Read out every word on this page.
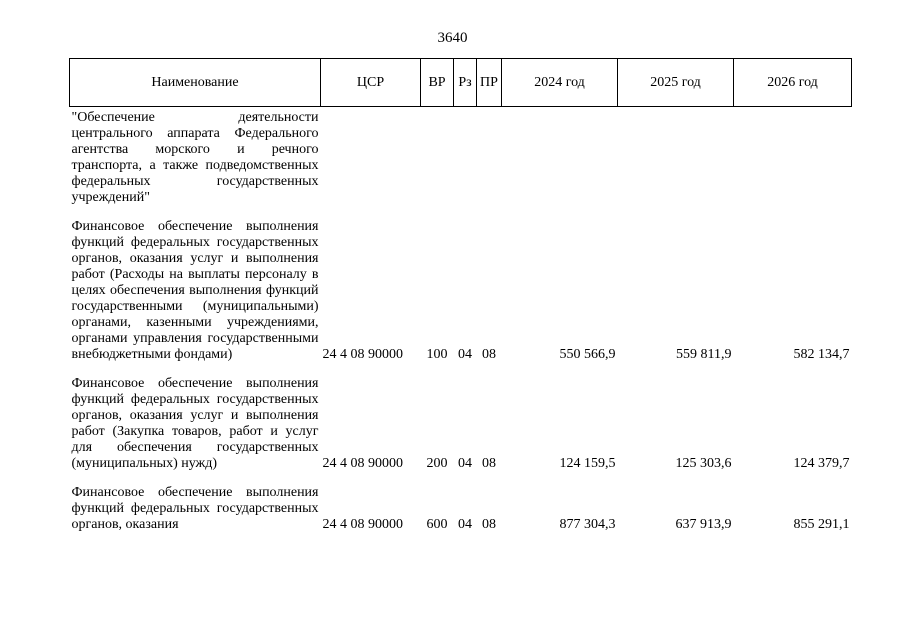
3640
Наименование	ЦСР	ВР	Рз	ПР	2024 год	2025 год	2026 год
"Обеспечение деятельности центрального аппарата Федерального агентства морского и речного транспорта, а также подведомственных федеральных государственных учреждений"							
Финансовое обеспечение выполнения функций федеральных государственных органов, оказания услуг и выполнения работ (Расходы на выплаты персоналу в целях обеспечения выполнения функций государственными (муниципальными) органами, казенными учреждениями, органами управления государственными внебюджетными фондами)	24 4 08 90000	100	04	08	550 566,9	559 811,9	582 134,7
Финансовое обеспечение выполнения функций федеральных государственных органов, оказания услуг и выполнения работ (Закупка товаров, работ и услуг для обеспечения государственных (муниципальных) нужд)	24 4 08 90000	200	04	08	124 159,5	125 303,6	124 379,7
Финансовое обеспечение выполнения функций федеральных государственных органов, оказания	24 4 08 90000	600	04	08	877 304,3	637 913,9	855 291,1
